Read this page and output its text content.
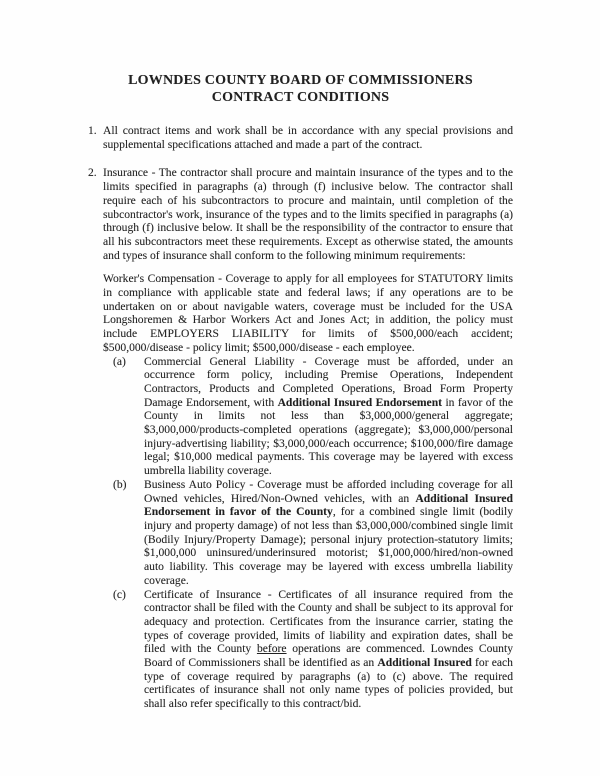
LOWNDES COUNTY BOARD OF COMMISSIONERS
CONTRACT CONDITIONS
1. All contract items and work shall be in accordance with any special provisions and supplemental specifications attached and made a part of the contract.

2. Insurance - The contractor shall procure and maintain insurance of the types and to the limits specified in paragraphs (a) through (f) inclusive below. The contractor shall require each of his subcontractors to procure and maintain, until completion of the subcontractor's work, insurance of the types and to the limits specified in paragraphs (a) through (f) inclusive below. It shall be the responsibility of the contractor to ensure that all his subcontractors meet these requirements. Except as otherwise stated, the amounts and types of insurance shall conform to the following minimum requirements:

Worker's Compensation - Coverage to apply for all employees for STATUTORY limits in compliance with applicable state and federal laws; if any operations are to be undertaken on or about navigable waters, coverage must be included for the USA Longshoremen & Harbor Workers Act and Jones Act; in addition, the policy must include EMPLOYERS LIABILITY for limits of $500,000/each accident; $500,000/disease - policy limit; $500,000/disease - each employee.

(a) Commercial General Liability - Coverage must be afforded, under an occurrence form policy, including Premise Operations, Independent Contractors, Products and Completed Operations, Broad Form Property Damage Endorsement, with Additional Insured Endorsement in favor of the County in limits not less than $3,000,000/general aggregate; $3,000,000/products-completed operations (aggregate); $3,000,000/personal injury-advertising liability; $3,000,000/each occurrence; $100,000/fire damage legal; $10,000 medical payments. This coverage may be layered with excess umbrella liability coverage.

(b) Business Auto Policy - Coverage must be afforded including coverage for all Owned vehicles, Hired/Non-Owned vehicles, with an Additional Insured Endorsement in favor of the County, for a combined single limit (bodily injury and property damage) of not less than $3,000,000/combined single limit (Bodily Injury/Property Damage); personal injury protection-statutory limits; $1,000,000 uninsured/underinsured motorist; $1,000,000/hired/non-owned auto liability. This coverage may be layered with excess umbrella liability coverage.

(c) Certificate of Insurance - Certificates of all insurance required from the contractor shall be filed with the County and shall be subject to its approval for adequacy and protection. Certificates from the insurance carrier, stating the types of coverage provided, limits of liability and expiration dates, shall be filed with the County before operations are commenced. Lowndes County Board of Commissioners shall be identified as an Additional Insured for each type of coverage required by paragraphs (a) to (c) above. The required certificates of insurance shall not only name types of policies provided, but shall also refer specifically to this contract/bid.
